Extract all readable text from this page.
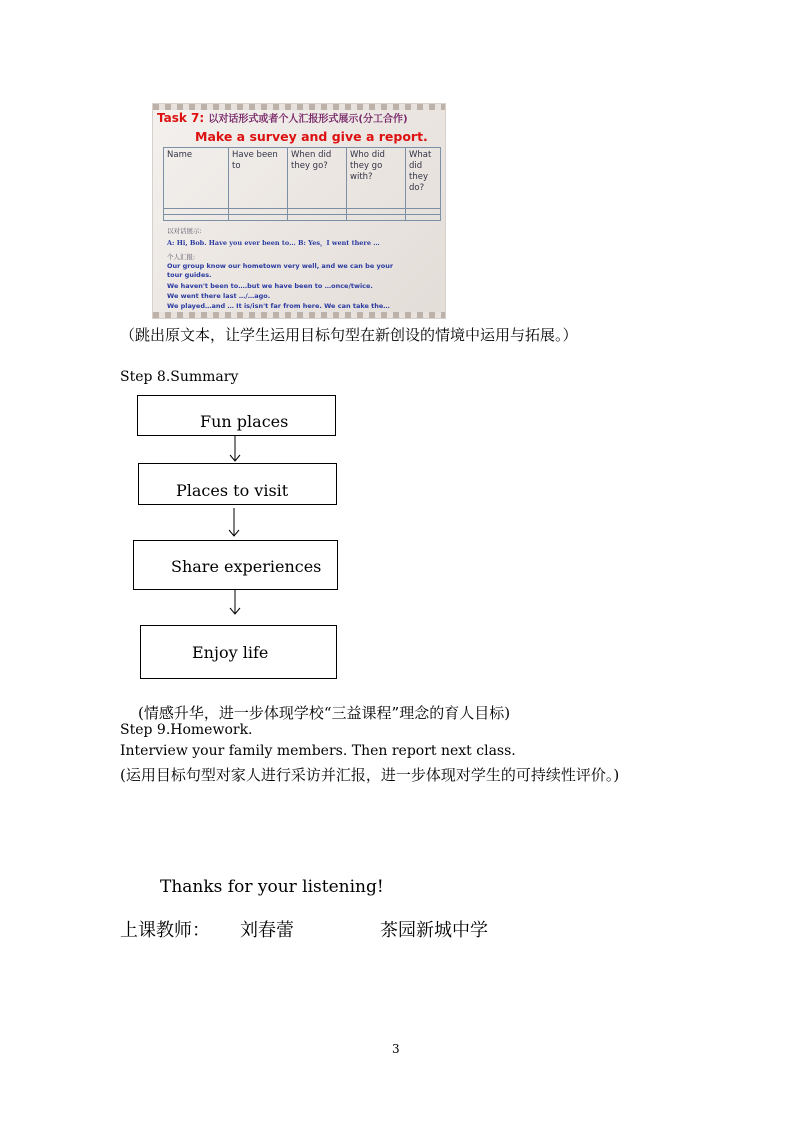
Task 7: 以对话形式或者个人汇报形式展示(分工合作)
Make a survey and give a report.
Name	Have been to	When did they go?	Who did they go with?	What did they do?

以对话展示:
A: Hi, Bob. Have you ever been to… B: Yes，I went there …
个人汇报:
Our group know our hometown very well, and we can be your
tour guides.
We haven't been to….but we have been to …once/twice.
We went there last …/…ago.
We played…and … It is/isn't far from here. We can take the…
（跳出原文本，让学生运用目标句型在新创设的情境中运用与拓展。）
Step 8.Summary
Fun places
Places to visit
Share experiences
Enjoy life
(情感升华，进一步体现学校“三益课程”理念的育人目标)
Step 9.Homework.
Interview your family members. Then report next class.
(运用目标句型对家人进行采访并汇报，进一步体现对学生的可持续性评价。)
Thanks for your listening!
上课教师： 刘春蕾	茶园新城中学
3
